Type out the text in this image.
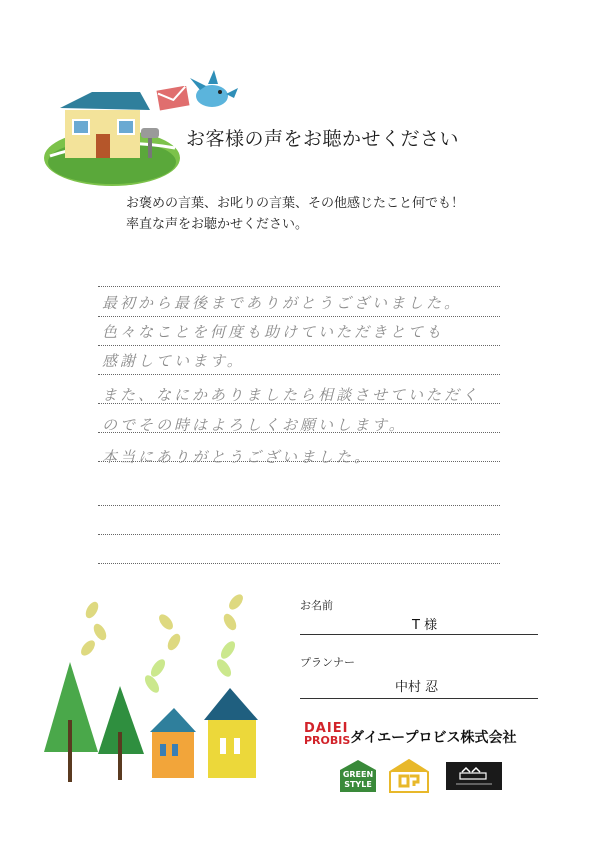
お客様の声をお聴かせください
お褒めの言葉、お叱りの言葉、その他感じたこと何でも！
率直な声をお聴かせください。
最初から最後までありがとうございました。
色々なことを何度も助けていただきとても
感謝しています。
また、なにかありましたら相談させていただく
のでその時はよろしくお願いします。
本当にありがとうございました。
お名前
T 様
プランナー
中村 忍
DAIEI
PROBIS ダイエープロビス株式会社
GREEN
STYLE
